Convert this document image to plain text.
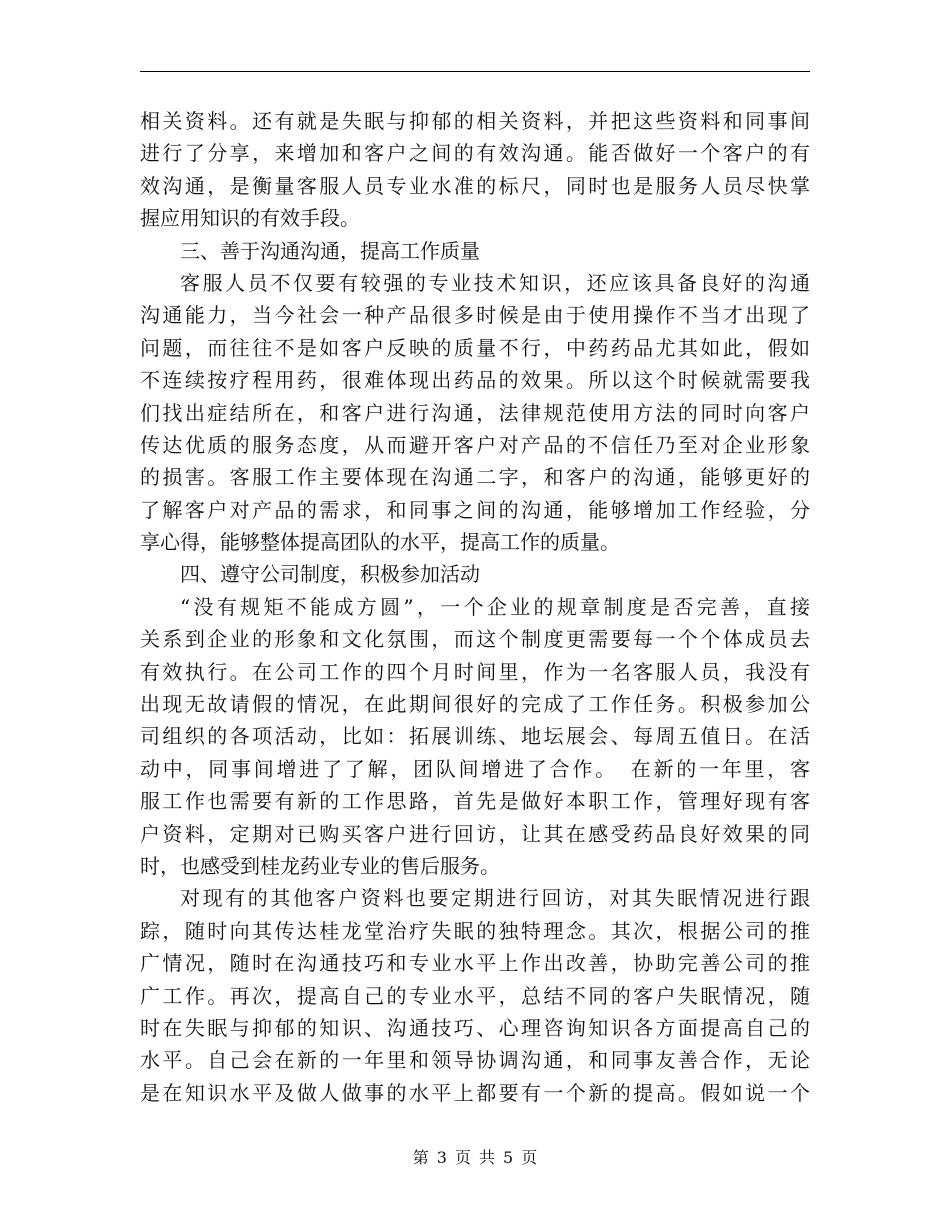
相关资料。还有就是失眠与抑郁的相关资料，并把这些资料和同事间
进行了分享，来增加和客户之间的有效沟通。能否做好一个客户的有
效沟通，是衡量客服人员专业水准的标尺，同时也是服务人员尽快掌
握应用知识的有效手段。
三、善于沟通沟通，提高工作质量
客服人员不仅要有较强的专业技术知识，还应该具备良好的沟通
沟通能力，当今社会一种产品很多时候是由于使用操作不当才出现了
问题，而往往不是如客户反映的质量不行，中药药品尤其如此，假如
不连续按疗程用药，很难体现出药品的效果。所以这个时候就需要我
们找出症结所在，和客户进行沟通，法律规范使用方法的同时向客户
传达优质的服务态度，从而避开客户对产品的不信任乃至对企业形象
的损害。客服工作主要体现在沟通二字，和客户的沟通，能够更好的
了解客户对产品的需求，和同事之间的沟通，能够增加工作经验，分
享心得，能够整体提高团队的水平，提高工作的质量。
四、遵守公司制度，积极参加活动
“没有规矩不能成方圆”，一个企业的规章制度是否完善，直接
关系到企业的形象和文化氛围，而这个制度更需要每一个个体成员去
有效执行。在公司工作的四个月时间里，作为一名客服人员，我没有
出现无故请假的情况，在此期间很好的完成了工作任务。积极参加公
司组织的各项活动，比如：拓展训练、地坛展会、每周五值日。在活
动中，同事间增进了了解，团队间增进了合作。　在新的一年里，客
服工作也需要有新的工作思路，首先是做好本职工作，管理好现有客
户资料，定期对已购买客户进行回访，让其在感受药品良好效果的同
时，也感受到桂龙药业专业的售后服务。
对现有的其他客户资料也要定期进行回访，对其失眠情况进行跟
踪，随时向其传达桂龙堂治疗失眠的独特理念。其次，根据公司的推
广情况，随时在沟通技巧和专业水平上作出改善，协助完善公司的推
广工作。再次，提高自己的专业水平，总结不同的客户失眠情况，随
时在失眠与抑郁的知识、沟通技巧、心理咨询知识各方面提高自己的
水平。自己会在新的一年里和领导协调沟通，和同事友善合作，无论
是在知识水平及做人做事的水平上都要有一个新的提高。假如说一个
第 3 页 共 5 页
